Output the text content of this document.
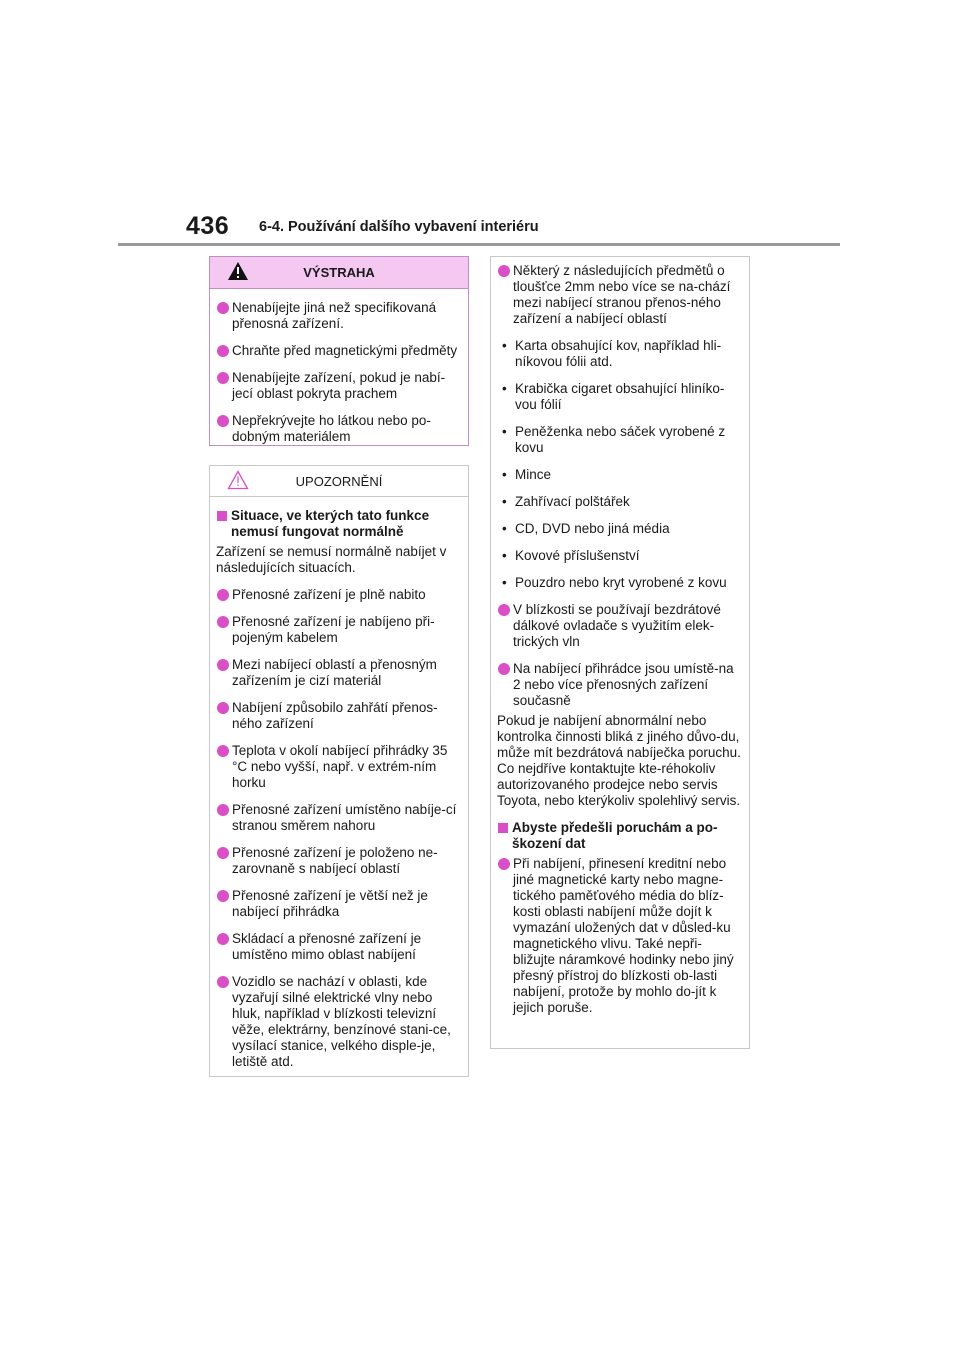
436 6-4. Používání dalšího vybavení interiéru
VÝSTRAHA
Nenabíjejte jiná než specifikovaná přenosná zařízení.
Chraňte před magnetickými předměty
Nenabíjejte zařízení, pokud je nabí-jecí oblast pokryta prachem
Nepřekrývejte ho látkou nebo po-dobným materiálem
UPOZORNĚNÍ
Situace, ve kterých tato funkce nemusí fungovat normálně
Zařízení se nemusí normálně nabíjet v následujících situacích.
Přenosné zařízení je plně nabito
Přenosné zařízení je nabíjeno při-pojeným kabelem
Mezi nabíjecí oblastí a přenosným zařízením je cizí materiál
Nabíjení způsobilo zahřátí přenos-ného zařízení
Teplota v okolí nabíjecí přihrádky 35 °C nebo vyšší, např. v extrém-ním horku
Přenosné zařízení umístěno nabíje-cí stranou směrem nahoru
Přenosné zařízení je položeno ne-zarovnaně s nabíjecí oblastí
Přenosné zařízení je větší než je nabíjecí přihrádka
Skládací a přenosné zařízení je umístěno mimo oblast nabíjení
Vozidlo se nachází v oblasti, kde vyzařují silné elektrické vlny nebo hluk, například v blízkosti televizní věže, elektrárny, benzínové stani-ce, vysílací stanice, velkého disple-je, letiště atd.
Některý z následujících předmětů o tloušťce 2mm nebo více se na-chází mezi nabíjecí stranou přenos-ného zařízení a nabíjecí oblastí
•
Karta obsahující kov, například hli-níkovou fólii atd.
•
Krabička cigaret obsahující hliníko-vou fólií
•
Peněženka nebo sáček vyrobené z kovu
•
Mince
•
Zahřívací polštářek
•
CD, DVD nebo jiná média
•
Kovové příslušenství
•
Pouzdro nebo kryt vyrobené z kovu
V blízkosti se používají bezdrátové dálkové ovladače s využitím elek-trických vln
Na nabíjecí přihrádce jsou umístě-na 2 nebo více přenosných zařízení současně
Pokud je nabíjení abnormální nebo kontrolka činnosti bliká z jiného důvo-du, může mít bezdrátová nabíječka poruchu. Co nejdříve kontaktujte kte-réhokoliv autorizovaného prodejce nebo servis Toyota, nebo kterýkoliv spolehlivý servis.
Abyste předešli poruchám a po-škození dat
Při nabíjení, přinesení kreditní nebo jiné magnetické karty nebo magne-tického paměťového média do blíz-kosti oblasti nabíjení může dojít k vymazání uložených dat v důsled-ku magnetického vlivu. Také nepři-bližujte náramkové hodinky nebo jiný přesný přístroj do blízkosti ob-lasti nabíjení, protože by mohlo do-jít k jejich poruše.
